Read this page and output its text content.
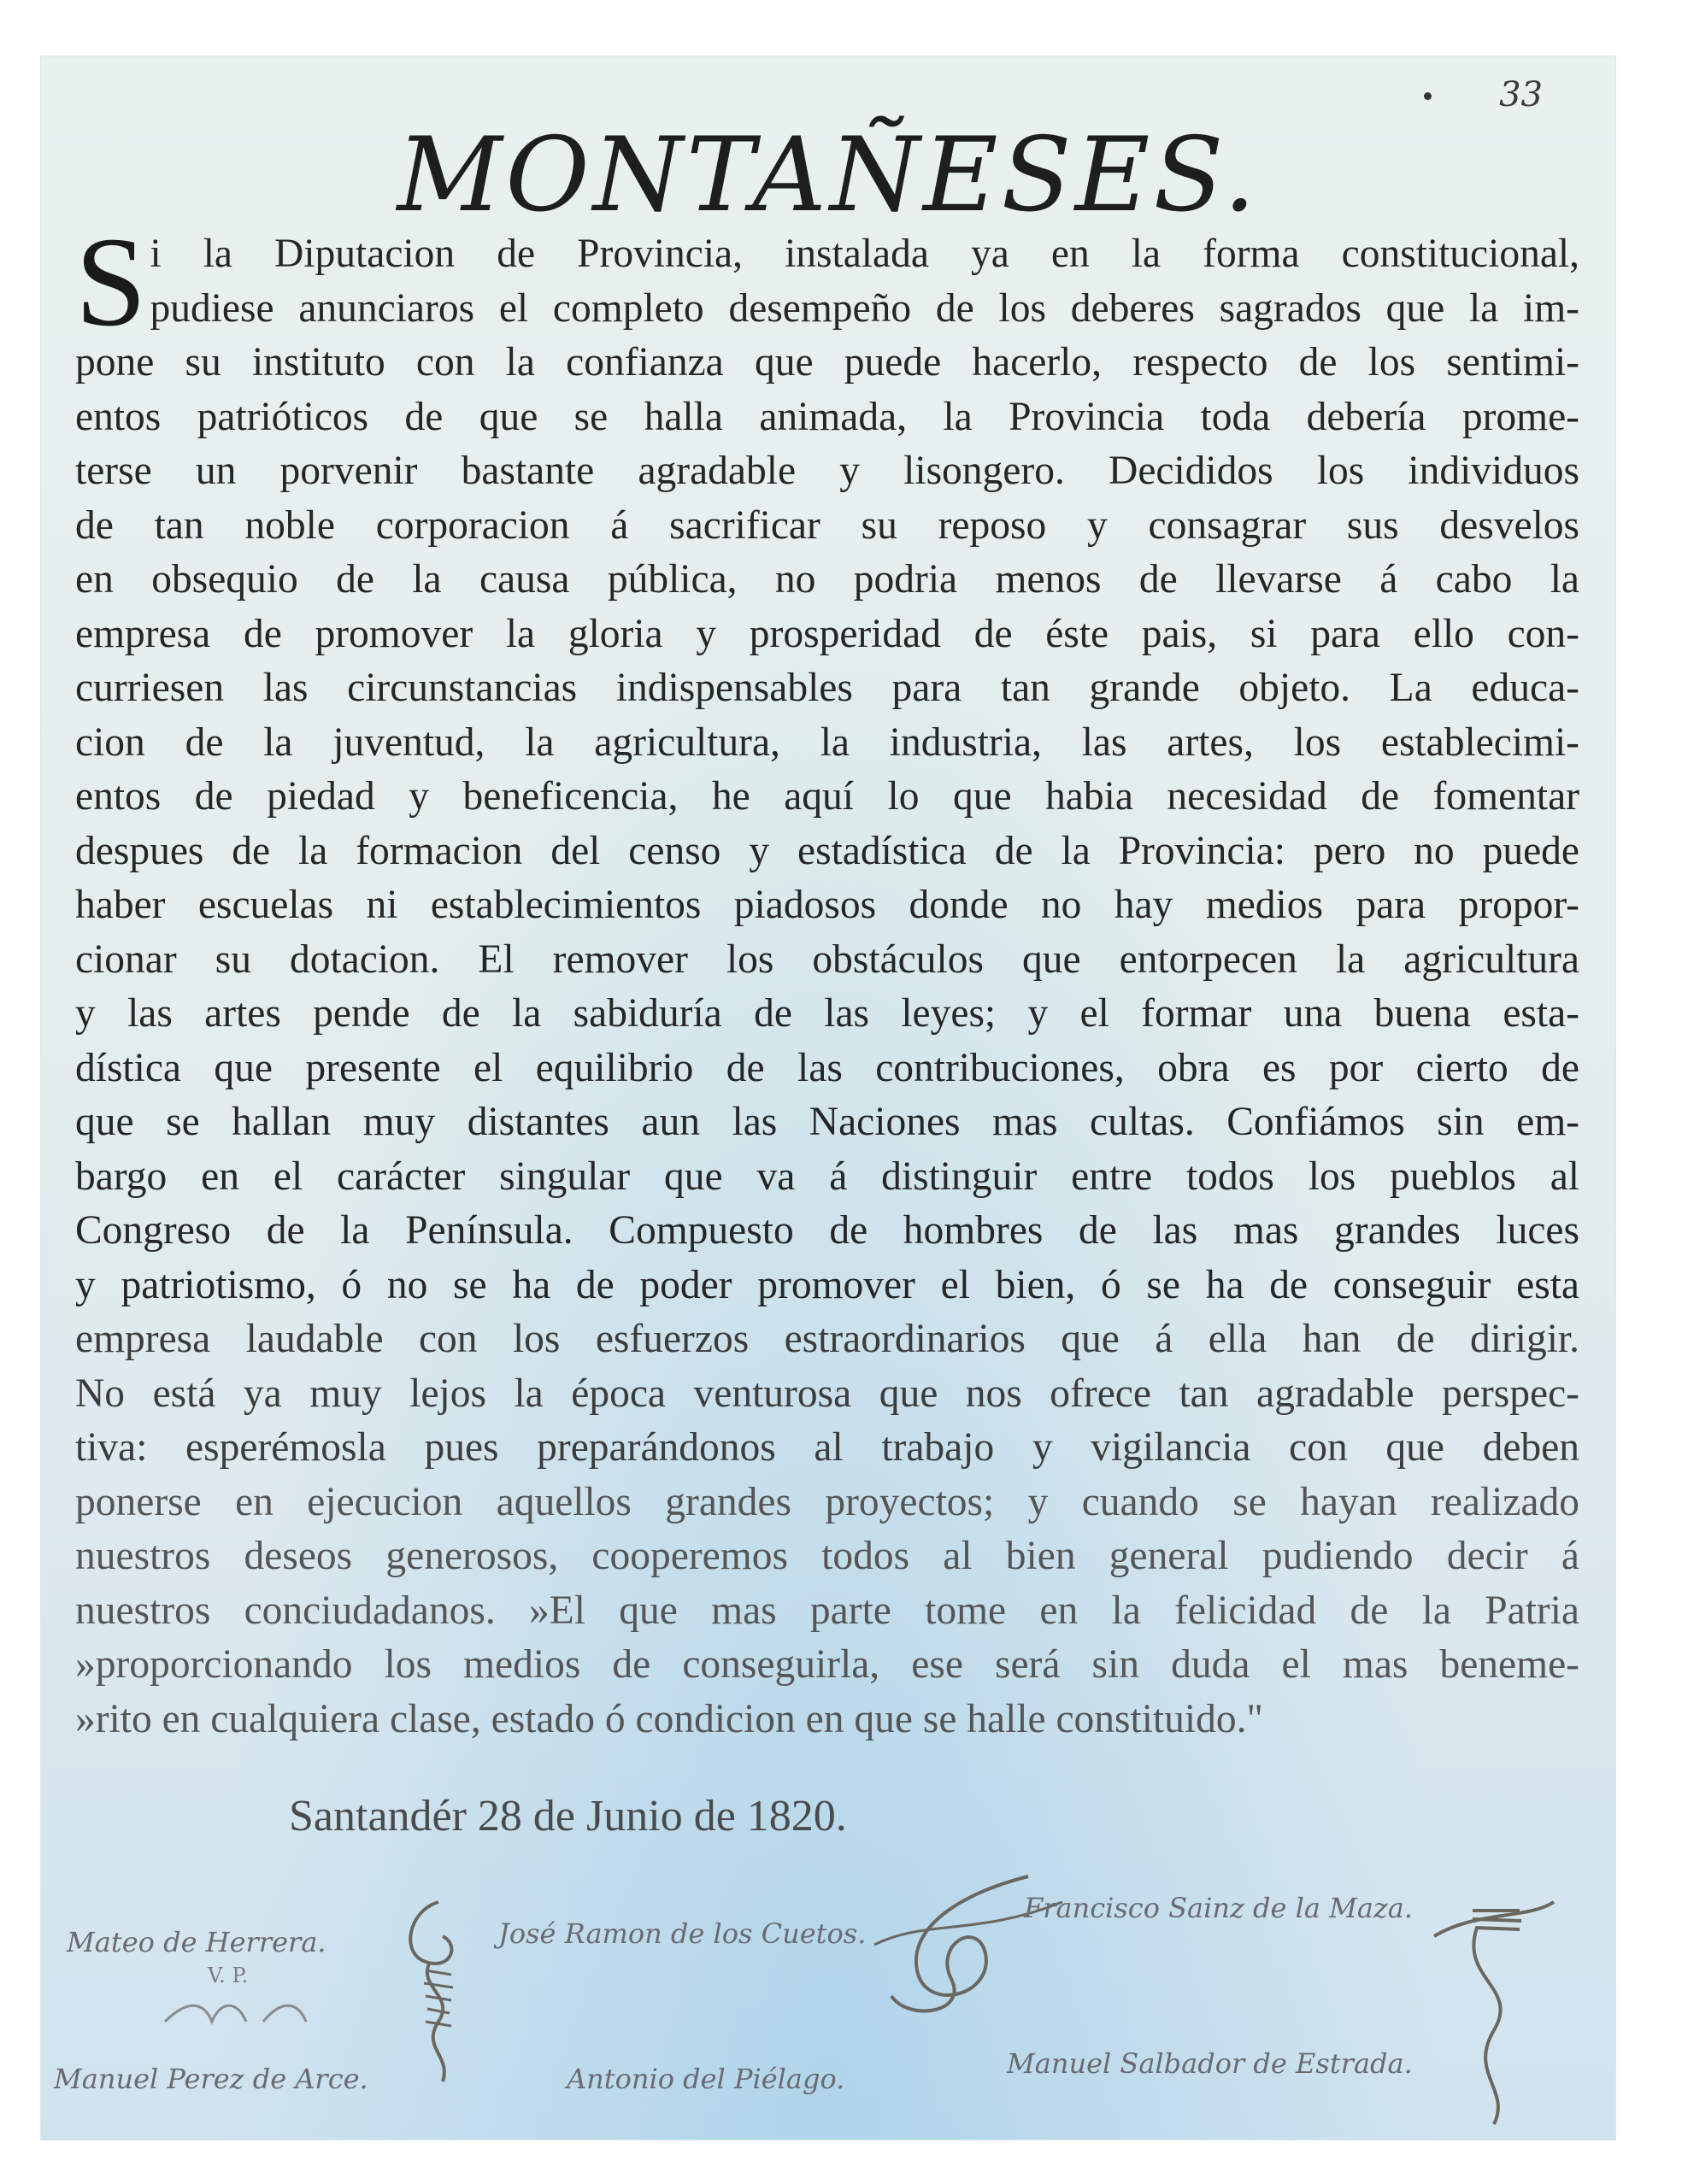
33
MONTAÑESES.
S i la Diputacion de Provincia, instalada ya en la forma constitucional,
pudiese anunciaros el completo desempeño de los deberes sagrados que la im-
pone su instituto con la confianza que puede hacerlo, respecto de los sentimi-
entos patrióticos de que se halla animada, la Provincia toda debería prome-
terse un porvenir bastante agradable y lisongero. Decididos los individuos
de tan noble corporacion á sacrificar su reposo y consagrar sus desvelos
en obsequio de la causa pública, no podria menos de llevarse á cabo la
empresa de promover la gloria y prosperidad de éste pais, si para ello con-
curriesen las circunstancias indispensables para tan grande objeto. La educa-
cion de la juventud, la agricultura, la industria, las artes, los establecimi-
entos de piedad y beneficencia, he aquí lo que habia necesidad de fomentar
despues de la formacion del censo y estadística de la Provincia: pero no puede
haber escuelas ni establecimientos piadosos donde no hay medios para propor-
cionar su dotacion. El remover los obstáculos que entorpecen la agricultura
y las artes pende de la sabiduría de las leyes; y el formar una buena esta-
dística que presente el equilibrio de las contribuciones, obra es por cierto de
que se hallan muy distantes aun las Naciones mas cultas. Confiámos sin em-
bargo en el carácter singular que va á distinguir entre todos los pueblos al
Congreso de la Península. Compuesto de hombres de las mas grandes luces
y patriotismo, ó no se ha de poder promover el bien, ó se ha de conseguir esta
empresa laudable con los esfuerzos estraordinarios que á ella han de dirigir.
No está ya muy lejos la época venturosa que nos ofrece tan agradable perspec-
tiva: esperémosla pues preparándonos al trabajo y vigilancia con que deben
ponerse en ejecucion aquellos grandes proyectos; y cuando se hayan realizado
nuestros deseos generosos, cooperemos todos al bien general pudiendo decir á
nuestros conciudadanos. »El que mas parte tome en la felicidad de la Patria
»proporcionando los medios de conseguirla, ese será sin duda el mas beneme-
»rito en cualquiera clase, estado ó condicion en que se halle constituido."
Santandér 28 de Junio de 1820.
Mateo de Herrera.
V. P.
José Ramon de los Cuetos.
Francisco Sainz de la Maza.
Manuel Perez de Arce.	Antonio del Piélago.	Manuel Salbador de Estrada.
